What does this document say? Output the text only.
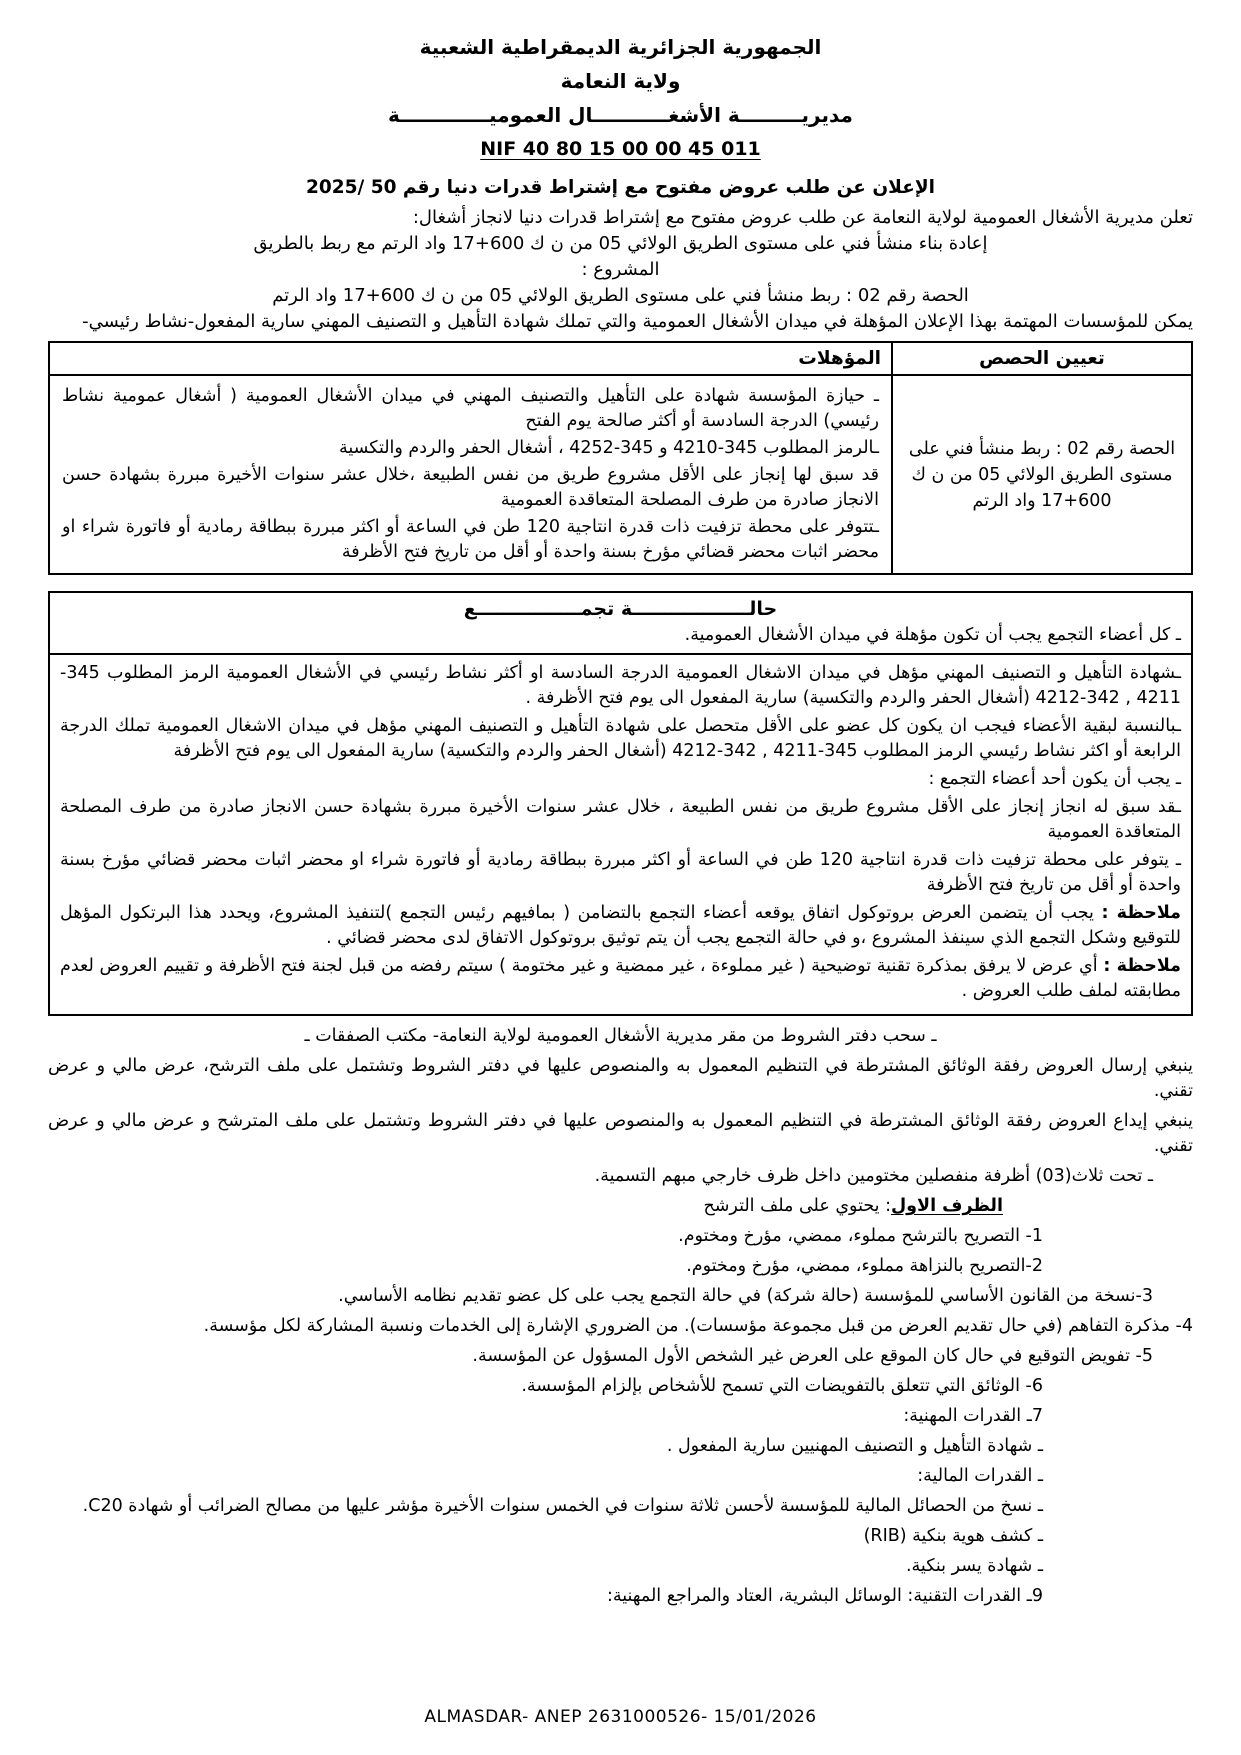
الجمهورية الجزائرية الديمقراطية الشعبية
ولاية النعامة
مديريـــــــــة الأشغـــــــــــال العموميـــــــــــــة
NIF 40 80 15 00 00 45 011
الإعلان عن طلب عروض مفتوح مع إشتراط قدرات دنيا رقم 50 /2025

تعلن مديرية الأشغال العمومية لولاية النعامة عن طلب عروض مفتوح مع إشتراط قدرات دنيا لانجاز أشغال:

إعادة بناء منشأ فني على مستوى الطريق الولائي 05 من ن ك 600+17 واد الرتم مع ربط بالطريق

المشروع :

الحصة رقم 02 : ربط منشأ فني على مستوى الطريق الولائي 05 من ن ك 600+17 واد الرتم

يمكن للمؤسسات المهتمة بهذا الإعلان المؤهلة في ميدان الأشغال العمومية والتي تملك شهادة التأهيل و التصنيف المهني سارية المفعول-نشاط رئيسي-

تعيين الحصص	المؤهلات
الحصة رقم 02 : ربط منشأ فني على مستوى الطريق الولائي 05 من ن ك 600+17 واد الرتم	ـ حيازة المؤسسة شهادة على التأهيل والتصنيف المهني في ميدان الأشغال العمومية ( أشغال عمومية نشاط رئيسي) الدرجة السادسة أو أكثر صالحة يوم الفتح

ـالرمز المطلوب 345-4210 و 345-4252 ، أشغال الحفر والردم والتكسية

قد سبق لها إنجاز على الأقل مشروع طريق من نفس الطبيعة ،خلال عشر سنوات الأخيرة مبررة بشهادة حسن الانجاز صادرة من طرف المصلحة المتعاقدة العمومية

ـتتوفر على محطة تزفيت ذات قدرة انتاجية 120 طن في الساعة أو اكثر مبررة ببطاقة رمادية أو فاتورة شراء او محضر اثبات محضر قضائي مؤرخ بسنة واحدة أو أقل من تاريخ فتح الأظرفة

حالــــــــــــــــــة تجمــــــــــــــــع
ـ كل أعضاء التجمع يجب أن تكون مؤهلة في ميدان الأشغال العمومية.

ـشهادة التأهيل و التصنيف المهني مؤهل في ميدان الاشغال العمومية الدرجة السادسة او أكثر نشاط رئيسي في الأشغال العمومية الرمز المطلوب 345-4211 , 342-4212 (أشغال الحفر والردم والتكسية) سارية المفعول الى يوم فتح الأظرفة .

ـبالنسبة لبقية الأعضاء فيجب ان يكون كل عضو على الأقل متحصل على شهادة التأهيل و التصنيف المهني مؤهل في ميدان الاشغال العمومية تملك الدرجة الرابعة أو اكثر نشاط رئيسي الرمز المطلوب 345-4211 , 342-4212 (أشغال الحفر والردم والتكسية) سارية المفعول الى يوم فتح الأظرفة

ـ يجب أن يكون أحد أعضاء التجمع :

ـقد سبق له انجاز إنجاز على الأقل مشروع طريق من نفس الطبيعة ، خلال عشر سنوات الأخيرة مبررة بشهادة حسن الانجاز صادرة من طرف المصلحة المتعاقدة العمومية

ـ يتوفر على محطة تزفيت ذات قدرة انتاجية 120 طن في الساعة أو اكثر مبررة ببطاقة رمادية أو فاتورة شراء او محضر اثبات محضر قضائي مؤرخ بسنة واحدة أو أقل من تاريخ فتح الأظرفة

ملاحظة : يجب أن يتضمن العرض بروتوكول اتفاق يوقعه أعضاء التجمع بالتضامن ( بمافيهم رئيس التجمع )لتنفيذ المشروع، ويحدد هذا البرتكول المؤهل للتوقيع وشكل التجمع الذي سينفذ المشروع ،و في حالة التجمع يجب أن يتم توثيق بروتوكول الاتفاق لدى محضر قضائي .

ملاحظة : أي عرض لا يرفق بمذكرة تقنية توضيحية ( غير مملوءة ، غير ممضية و غير مختومة ) سيتم رفضه من قبل لجنة فتح الأظرفة و تقييم العروض لعدم مطابقته لملف طلب العروض .

ـ سحب دفتر الشروط من مقر مديرية الأشغال العمومية لولاية النعامة- مكتب الصفقات ـ

ينبغي إرسال العروض رفقة الوثائق المشترطة في التنظيم المعمول به والمنصوص عليها في دفتر الشروط وتشتمل على ملف الترشح، عرض مالي و عرض تقني.

ينبغي إيداع العروض رفقة الوثائق المشترطة في التنظيم المعمول به والمنصوص عليها في دفتر الشروط وتشتمل على ملف المترشح و عرض مالي و عرض تقني.

ـ تحت ثلاث(03) أظرفة منفصلين مختومين داخل ظرف خارجي مبهم التسمية.

الظرف الاول: يحتوي على ملف الترشح

1- التصريح بالترشح مملوء، ممضي، مؤرخ ومختوم.

2-التصريح بالنزاهة مملوء، ممضي، مؤرخ ومختوم.

3-نسخة من القانون الأساسي للمؤسسة (حالة شركة) في حالة التجمع يجب على كل عضو تقديم نظامه الأساسي.

4- مذكرة التفاهم (في حال تقديم العرض من قبل مجموعة مؤسسات). من الضروري الإشارة إلى الخدمات ونسبة المشاركة لكل مؤسسة.

5- تفويض التوقيع في حال كان الموقع على العرض غير الشخص الأول المسؤول عن المؤسسة.

6- الوثائق التي تتعلق بالتفويضات التي تسمح للأشخاص بإلزام المؤسسة.

7ـ القدرات المهنية:

ـ شهادة التأهيل و التصنيف المهنيين سارية المفعول .

ـ القدرات المالية:

ـ نسخ من الحصائل المالية للمؤسسة لأحسن ثلاثة سنوات في الخمس سنوات الأخيرة مؤشر عليها من مصالح الضرائب أو شهادة C20.

ـ كشف هوية بنكية (RIB)

ـ شهادة يسر بنكية.

9ـ القدرات التقنية: الوسائل البشرية، العتاد والمراجع المهنية:

ALMASDAR- ANEP 2631000526- 15/01/2026
